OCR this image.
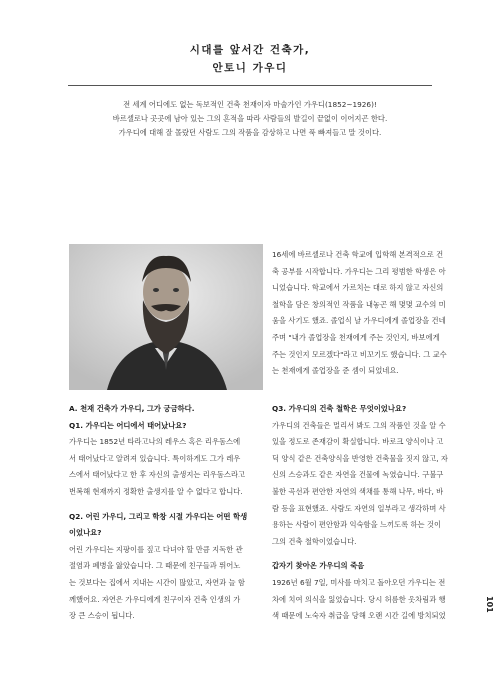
시대를 앞서간 건축가,
안토니 가우디
전 세계 어디에도 없는 독보적인 건축 천재이자 마술가인 가우디(1852~1926)!
바르셀로나 곳곳에 남아 있는 그의 흔적을 따라 사람들의 발길이 끝없이 이어지곤 한다.
가우디에 대해 잘 몰랐던 사람도 그의 작품을 감상하고 나면 푹 빠져들고 말 것이다.

16세에 바르셀로나 건축 학교에 입학해 본격적으로 건

축 공부를 시작합니다. 가우디는 그리 평범한 학생은 아

니었습니다. 학교에서 가르치는 대로 하지 않고 자신의

철학을 담은 창의적인 작품을 내놓곤 해 몇몇 교수의 미

움을 사기도 했죠. 졸업식 날 가우디에게 졸업장을 건네

주며 "내가 졸업장을 천재에게 주는 것인지, 바보에게

주는 것인지 모르겠다"라고 비꼬기도 했습니다. 그 교수

는 천재에게 졸업장을 준 셈이 되었네요.

A. 천재 건축가 가우디, 그가 궁금하다.

Q1. 가우디는 어디에서 태어났나요?

가우디는 1852년 타라고나의 레우스 혹은 리우돔스에

서 태어났다고 알려져 있습니다. 특이하게도 그가 레우

스에서 태어났다고 한 후 자신의 출생지는 리우돔스라고

번복해 현재까지 정확한 출생지를 알 수 없다고 합니다.

Q2. 어린 가우디, 그리고 학창 시절 가우디는 어떤 학생

이었나요?

어린 가우디는 지팡이를 짚고 다녀야 할 만큼 지독한 관

절염과 폐병을 앓았습니다. 그 때문에 친구들과 뛰어노

는 것보다는 집에서 지내는 시간이 많았고, 자연과 늘 함

께했어요. 자연은 가우디에게 친구이자 건축 인생의 가

장 큰 스승이 됩니다.

Q3. 가우디의 건축 철학은 무엇이었나요?

가우디의 건축들은 멀리서 봐도 그의 작품인 것을 알 수

있을 정도로 존재감이 확실합니다. 바로크 양식이나 고

딕 양식 같은 건축양식을 반영한 건축물을 짓지 않고, 자

신의 스승과도 같은 자연을 건물에 녹였습니다. 구불구

불한 곡선과 편안한 자연의 색채를 통해 나무, 바다, 바

람 등을 표현했죠. 사람도 자연의 일부라고 생각하며 사

용하는 사람이 편안함과 익숙함을 느끼도록 하는 것이

그의 건축 철학이었습니다.

갑자기 찾아온 가우디의 죽음

1926년 6월 7일, 미사를 마치고 돌아오던 가우디는 전

차에 치여 의식을 잃었습니다. 당시 허름한 옷차림과 행

색 때문에 노숙자 취급을 당해 오랜 시간 길에 방치되었

101
